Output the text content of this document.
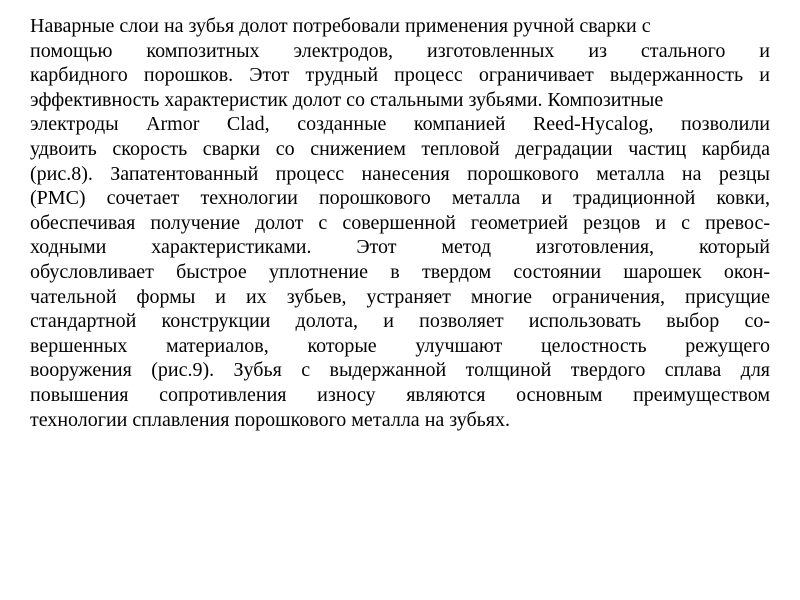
Наварные слои на зубья долот потребовали применения ручной сварки с
помощью композитных электродов, изготовленных из стального и
карбидного порошков. Этот трудный процесс ограничивает выдержанность и
эффективность характеристик долот со стальными зубьями. Композитные
электроды Armor Clad, созданные компанией Reed-Hycalog, позволили
удвоить скорость сварки со снижением тепловой деградации частиц карбида
(рис.8). Запатентованный процесс нанесения порошкового металла на резцы
(PMC) сочетает технологии порошкового металла и традиционной ковки,
обеспечивая получение долот с совершенной геометрией резцов и с превос-
ходными характеристиками. Этот метод изготовления, который
обусловливает быстрое уплотнение в твердом состоянии шарошек окон-
чательной формы и их зубьев, устраняет многие ограничения, присущие
стандартной конструкции долота, и позволяет использовать выбор со-
вершенных материалов, которые улучшают целостность режущего
вооружения (рис.9). Зубья с выдержанной толщиной твердого сплава для
повышения сопротивления износу являются основным преимуществом
технологии сплавления порошкового металла на зубьях.
